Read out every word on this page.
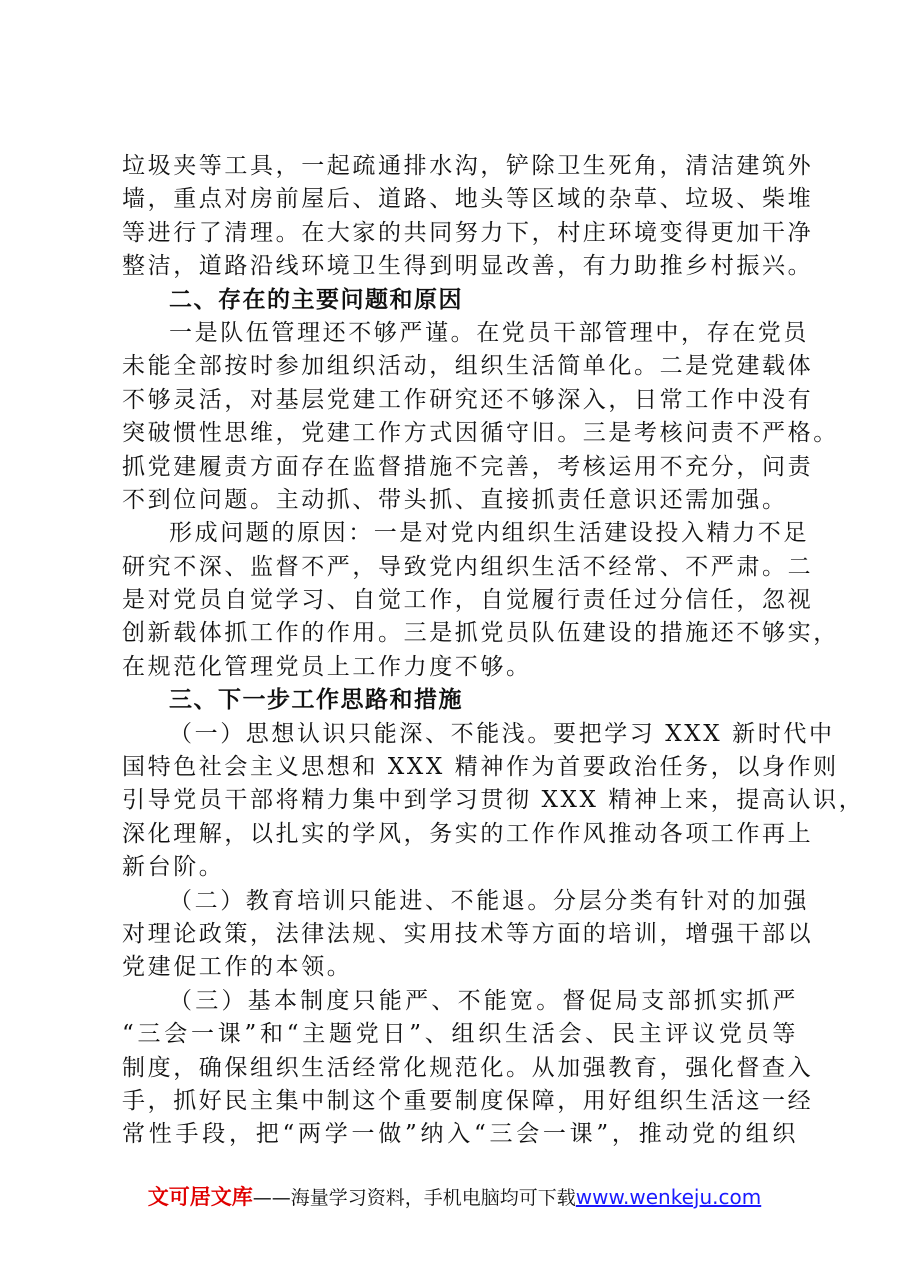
垃圾夹等工具，一起疏通排水沟，铲除卫生死角，清洁建筑外
墙，重点对房前屋后、道路、地头等区域的杂草、垃圾、柴堆
等进行了清理。在大家的共同努力下，村庄环境变得更加干净
整洁，道路沿线环境卫生得到明显改善，有力助推乡村振兴。
二、存在的主要问题和原因
一是队伍管理还不够严谨。在党员干部管理中，存在党员
未能全部按时参加组织活动，组织生活简单化。二是党建载体
不够灵活，对基层党建工作研究还不够深入，日常工作中没有
突破惯性思维，党建工作方式因循守旧。三是考核问责不严格。
抓党建履责方面存在监督措施不完善，考核运用不充分，问责
不到位问题。主动抓、带头抓、直接抓责任意识还需加强。
形成问题的原因：一是对党内组织生活建设投入精力不足
研究不深、监督不严，导致党内组织生活不经常、不严肃。二
是对党员自觉学习、自觉工作，自觉履行责任过分信任，忽视
创新载体抓工作的作用。三是抓党员队伍建设的措施还不够实，
在规范化管理党员上工作力度不够。
三、下一步工作思路和措施
（一）思想认识只能深、不能浅。要把学习 XXX 新时代中
国特色社会主义思想和 XXX 精神作为首要政治任务，以身作则
引导党员干部将精力集中到学习贯彻 XXX 精神上来，提高认识，
深化理解，以扎实的学风，务实的工作作风推动各项工作再上
新台阶。
（二）教育培训只能进、不能退。分层分类有针对的加强
对理论政策，法律法规、实用技术等方面的培训，增强干部以
党建促工作的本领。
（三）基本制度只能严、不能宽。督促局支部抓实抓严
“三会一课”和“主题党日”、组织生活会、民主评议党员等
制度，确保组织生活经常化规范化。从加强教育，强化督查入
手，抓好民主集中制这个重要制度保障，用好组织生活这一经
常性手段，把“两学一做”纳入“三会一课”，推动党的组织
文可居文库——海量学习资料，手机电脑均可下载www.wenkeju.com
